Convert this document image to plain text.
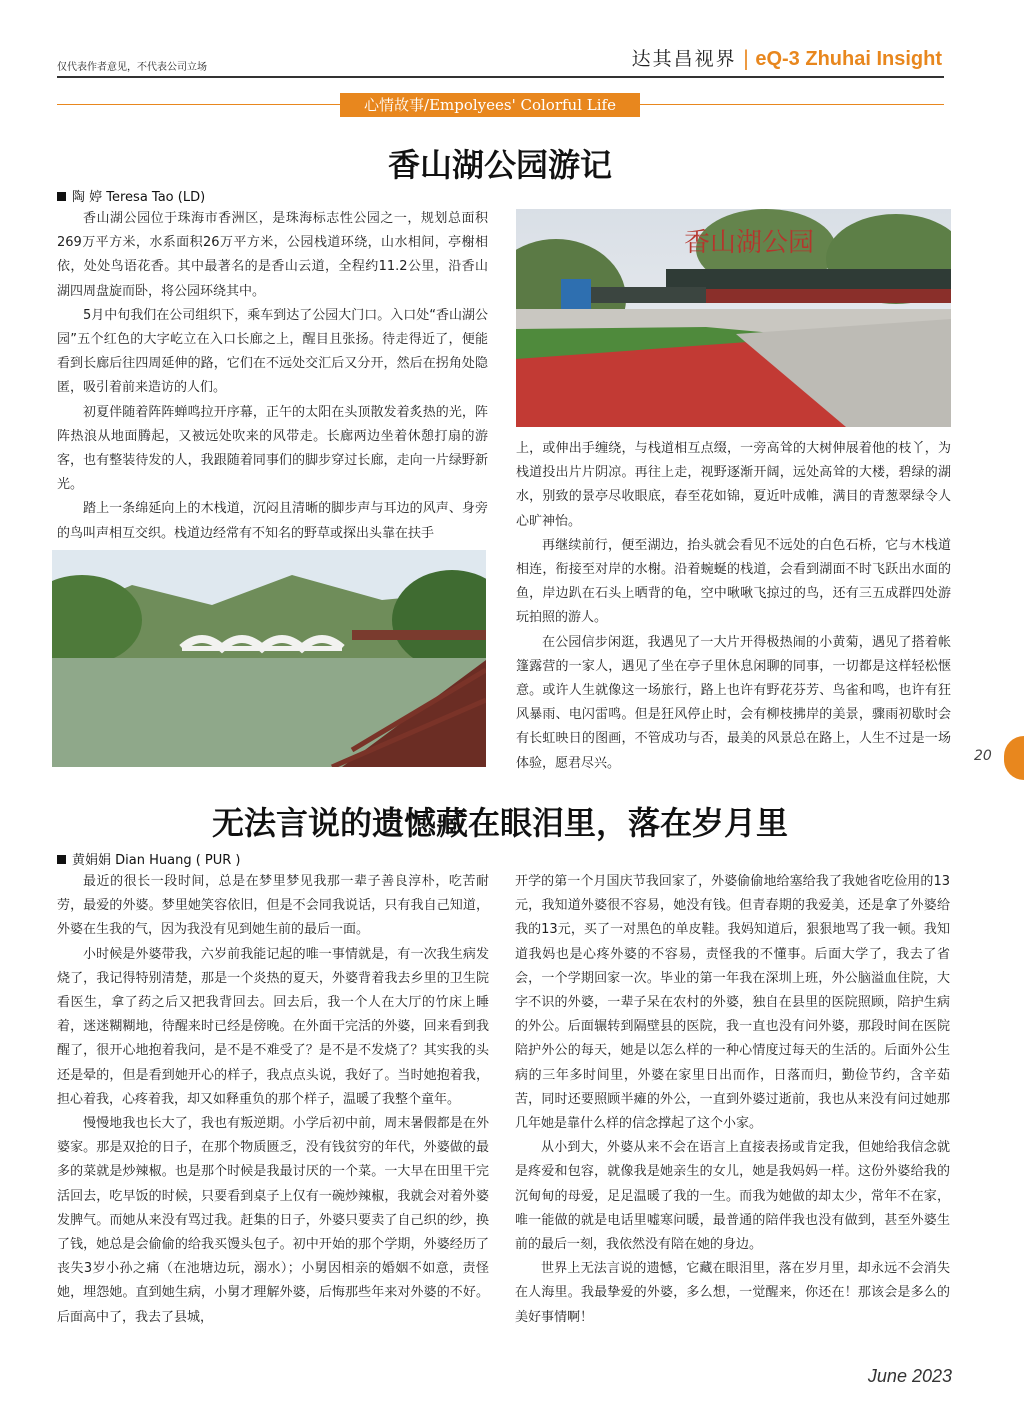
仅代表作者意见，不代表公司立场	达其昌视界 | eQ-3 Zhuhai Insight
心情故事/Empolyees' Colorful Life
香山湖公园游记
陶 婷 Teresa Tao (LD)

香山湖公园位于珠海市香洲区，是珠海标志性公园之一，规划总面积269万平方米，水系面积26万平方米，公园栈道环绕，山水相间，亭榭相依，处处鸟语花香。其中最著名的是香山云道，全程约11.2公里，沿香山湖四周盘旋而卧，将公园环绕其中。

5月中旬我们在公司组织下，乘车到达了公园大门口。入口处“香山湖公园”五个红色的大字屹立在入口长廊之上，醒目且张扬。待走得近了，便能看到长廊后往四周延伸的路，它们在不远处交汇后又分开，然后在拐角处隐匿，吸引着前来造访的人们。

初夏伴随着阵阵蝉鸣拉开序幕，正午的太阳在头顶散发着炙热的光，阵阵热浪从地面腾起，又被远处吹来的风带走。长廊两边坐着休憩打扇的游客，也有整装待发的人，我跟随着同事们的脚步穿过长廊，走向一片绿野新光。

踏上一条绵延向上的木栈道，沉闷且清晰的脚步声与耳边的风声、身旁的鸟叫声相互交织。栈道边经常有不知名的野草或探出头靠在扶手

香山湖公园

上，或伸出手缠绕，与栈道相互点缀，一旁高耸的大树伸展着他的枝丫，为栈道投出片片阴凉。再往上走，视野逐渐开阔，远处高耸的大楼，碧绿的湖水，别致的景亭尽收眼底，春至花如锦，夏近叶成帷，满目的青葱翠绿令人心旷神怡。

再继续前行，便至湖边，抬头就会看见不远处的白色石桥，它与木栈道相连，衔接至对岸的水榭。沿着蜿蜒的栈道，会看到湖面不时飞跃出水面的鱼，岸边趴在石头上晒背的龟，空中啾啾飞掠过的鸟，还有三五成群四处游玩拍照的游人。

在公园信步闲逛，我遇见了一大片开得极热闹的小黄菊，遇见了搭着帐篷露营的一家人，遇见了坐在亭子里休息闲聊的同事，一切都是这样轻松惬意。或许人生就像这一场旅行，路上也许有野花芬芳、鸟雀和鸣，也许有狂风暴雨、电闪雷鸣。但是狂风停止时，会有柳枝拂岸的美景，骤雨初歇时会有长虹映日的图画，不管成功与否，最美的风景总在路上，人生不过是一场体验，愿君尽兴。	20
无法言说的遗憾藏在眼泪里，落在岁月里
黄娟娟 Dian Huang ( PUR )

最近的很长一段时间，总是在梦里梦见我那一辈子善良淳朴，吃苦耐劳，最爱的外婆。梦里她笑容依旧，但是不会同我说话，只有我自己知道，外婆在生我的气，因为我没有见到她生前的最后一面。

小时候是外婆带我，六岁前我能记起的唯一事情就是，有一次我生病发烧了，我记得特别清楚，那是一个炎热的夏天，外婆背着我去乡里的卫生院看医生，拿了药之后又把我背回去。回去后，我一个人在大厅的竹床上睡着，迷迷糊糊地，待醒来时已经是傍晚。在外面干完活的外婆，回来看到我醒了，很开心地抱着我问，是不是不难受了？是不是不发烧了？其实我的头还是晕的，但是看到她开心的样子，我点点头说，我好了。当时她抱着我，担心着我，心疼着我，却又如释重负的那个样子，温暖了我整个童年。

慢慢地我也长大了，我也有叛逆期。小学后初中前，周末暑假都是在外婆家。那是双抢的日子，在那个物质匮乏，没有钱贫穷的年代，外婆做的最多的菜就是炒辣椒。也是那个时候是我最讨厌的一个菜。一大早在田里干完活回去，吃早饭的时候，只要看到桌子上仅有一碗炒辣椒，我就会对着外婆发脾气。而她从来没有骂过我。赶集的日子，外婆只要卖了自己织的纱，换了钱，她总是会偷偷的给我买馒头包子。初中开始的那个学期，外婆经历了丧失3岁小孙之痛（在池塘边玩，溺水）；小舅因相亲的婚姻不如意，责怪她，埋怨她。直到她生病，小舅才理解外婆，后悔那些年来对外婆的不好。后面高中了，我去了县城，

开学的第一个月国庆节我回家了，外婆偷偷地给塞给我了我她省吃俭用的13元，我知道外婆很不容易，她没有钱。但青春期的我爱美，还是拿了外婆给我的13元，买了一对黑色的单皮鞋。我妈知道后，狠狠地骂了我一顿。我知道我妈也是心疼外婆的不容易，责怪我的不懂事。后面大学了，我去了省会，一个学期回家一次。毕业的第一年我在深圳上班，外公脑溢血住院，大字不识的外婆，一辈子呆在农村的外婆，独自在县里的医院照顾，陪护生病的外公。后面辗转到隔壁县的医院，我一直也没有问外婆，那段时间在医院陪护外公的每天，她是以怎么样的一种心情度过每天的生活的。后面外公生病的三年多时间里，外婆在家里日出而作，日落而归，勤俭节约，含辛茹苦，同时还要照顾半瘫的外公，一直到外婆过逝前，我也从来没有问过她那几年她是靠什么样的信念撑起了这个小家。

从小到大，外婆从来不会在语言上直接表扬或肯定我，但她给我信念就是疼爱和包容，就像我是她亲生的女儿，她是我妈妈一样。这份外婆给我的沉甸甸的母爱，足足温暖了我的一生。而我为她做的却太少，常年不在家，唯一能做的就是电话里嘘寒问暖，最普通的陪伴我也没有做到，甚至外婆生前的最后一刻，我依然没有陪在她的身边。

世界上无法言说的遗憾，它藏在眼泪里，落在岁月里，却永远不会消失在人海里。我最挚爱的外婆，多么想，一觉醒来，你还在！那该会是多么的美好事情啊！

June 2023
